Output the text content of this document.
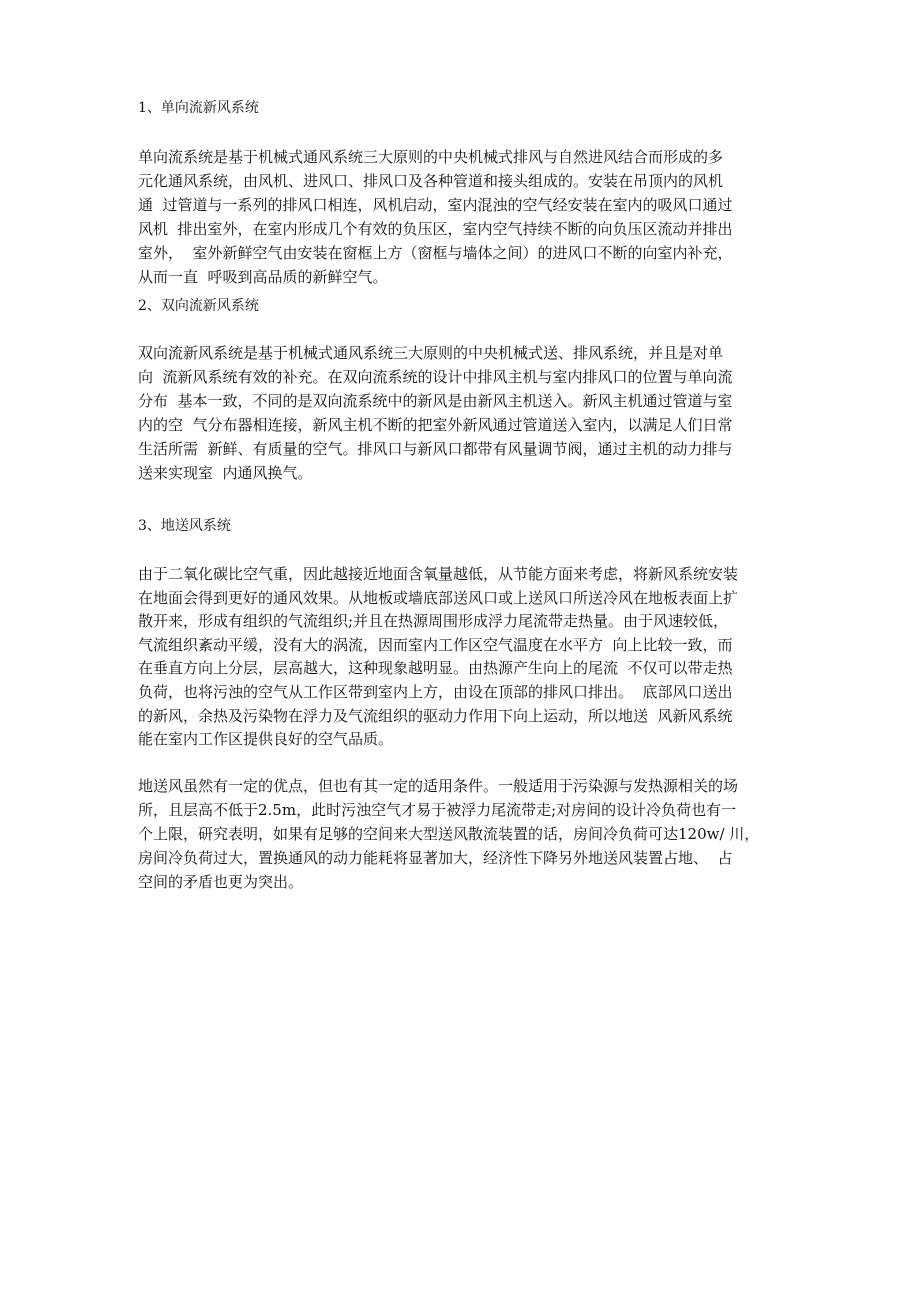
1、单向流新风系统
单向流系统是基于机械式通风系统三大原则的中央机械式排风与自然进风结合而形成的多
元化通风系统，由风机、进风口、排风口及各种管道和接头组成的。安装在吊顶内的风机
通  过管道与一系列的排风口相连，风机启动，室内混浊的空气经安装在室内的吸风口通过
风机  排出室外，在室内形成几个有效的负压区，室内空气持续不断的向负压区流动并排出
室外，  室外新鲜空气由安装在窗框上方（窗框与墙体之间）的进风口不断的向室内补充，
从而一直  呼吸到高品质的新鲜空气。
2、双向流新风系统
双向流新风系统是基于机械式通风系统三大原则的中央机械式送、排风系统，并且是对单
向  流新风系统有效的补充。在双向流系统的设计中排风主机与室内排风口的位置与单向流
分布  基本一致，不同的是双向流系统中的新风是由新风主机送入。新风主机通过管道与室
内的空  气分布器相连接，新风主机不断的把室外新风通过管道送入室内，以满足人们日常
生活所需  新鲜、有质量的空气。排风口与新风口都带有风量调节阀，通过主机的动力排与
送来实现室  内通风换气。
3、地送风系统
由于二氧化碳比空气重，因此越接近地面含氧量越低，从节能方面来考虑，将新风系统安装
在地面会得到更好的通风效果。从地板或墙底部送风口或上送风口所送冷风在地板表面上扩
散开来，形成有组织的气流组织;并且在热源周围形成浮力尾流带走热量。由于风速较低，
气流组织紊动平缓，没有大的涡流，因而室内工作区空气温度在水平方  向上比较一致，而
在垂直方向上分层，层高越大，这种现象越明显。由热源产生向上的尾流  不仅可以带走热
负荷，也将污浊的空气从工作区带到室内上方，由设在顶部的排风口排出。  底部风口送出
的新风，余热及污染物在浮力及气流组织的驱动力作用下向上运动，所以地送  风新风系统
能在室内工作区提供良好的空气品质。
地送风虽然有一定的优点，但也有其一定的适用条件。一般适用于污染源与发热源相关的场
所，且层高不低于2.5m，此时污浊空气才易于被浮力尾流带走;对房间的设计冷负荷也有一
个上限，研究表明，如果有足够的空间来大型送风散流装置的话，房间冷负荷可达120w/ 川，
房间冷负荷过大，置换通风的动力能耗将显著加大，经济性下降另外地送风装置占地、  占
空间的矛盾也更为突出。
